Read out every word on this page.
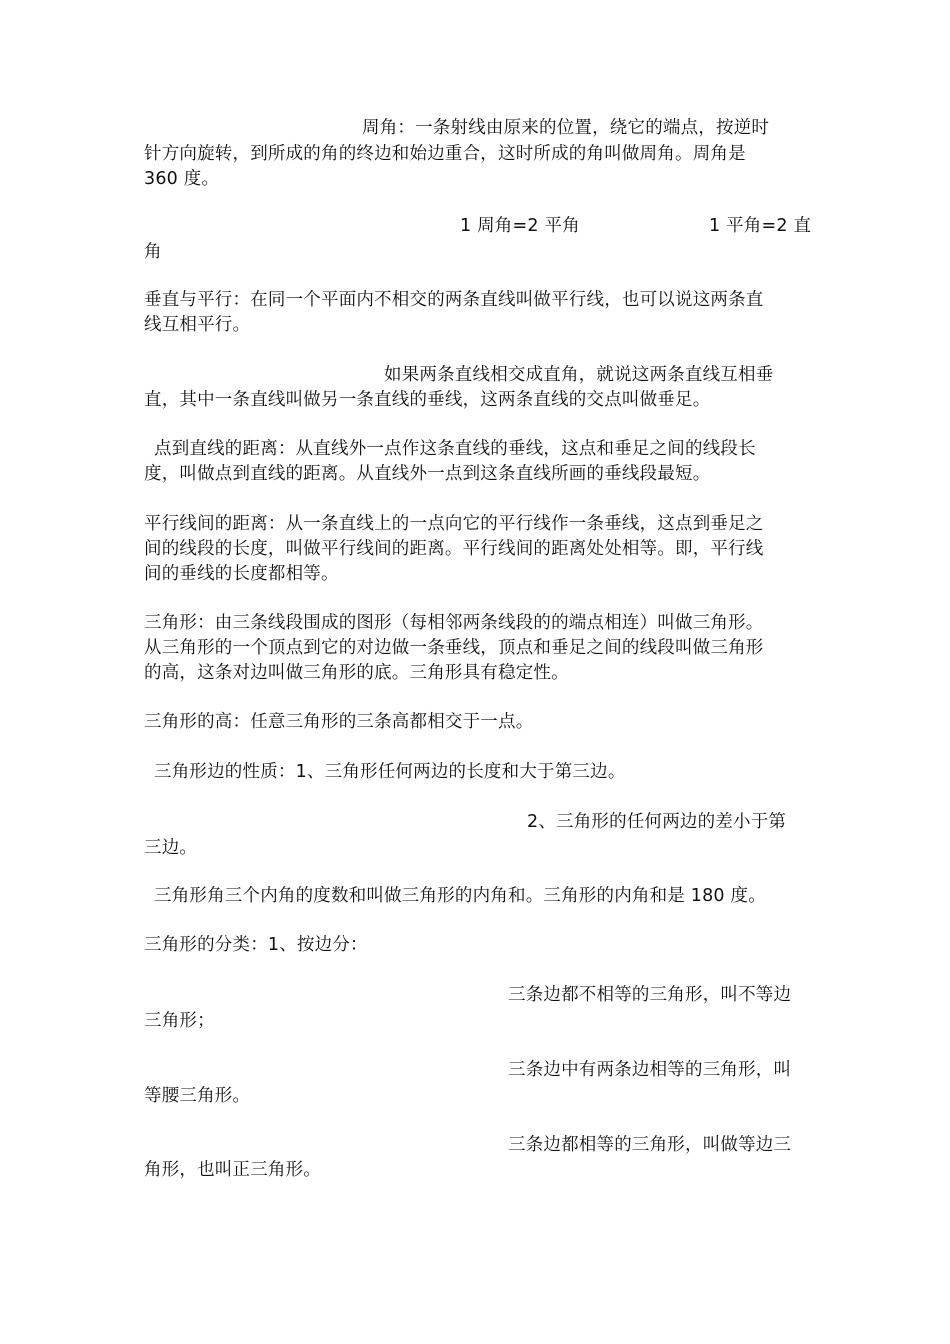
周角：一条射线由原来的位置，绕它的端点，按逆时
针方向旋转，到所成的角的终边和始边重合，这时所成的角叫做周角。周角是
360 度。
1 周角=2 平角	1 平角=2 直
角
垂直与平行：在同一个平面内不相交的两条直线叫做平行线，也可以说这两条直
线互相平行。
如果两条直线相交成直角，就说这两条直线互相垂
直，其中一条直线叫做另一条直线的垂线，这两条直线的交点叫做垂足。
点到直线的距离：从直线外一点作这条直线的垂线，这点和垂足之间的线段长
度，叫做点到直线的距离。从直线外一点到这条直线所画的垂线段最短。
平行线间的距离：从一条直线上的一点向它的平行线作一条垂线，这点到垂足之
间的线段的长度，叫做平行线间的距离。平行线间的距离处处相等。即，平行线
间的垂线的长度都相等。
三角形：由三条线段围成的图形（每相邻两条线段的的端点相连）叫做三角形。
从三角形的一个顶点到它的对边做一条垂线，顶点和垂足之间的线段叫做三角形
的高，这条对边叫做三角形的底。三角形具有稳定性。
三角形的高：任意三角形的三条高都相交于一点。
三角形边的性质：1、三角形任何两边的长度和大于第三边。
2、三角形的任何两边的差小于第
三边。
三角形角三个内角的度数和叫做三角形的内角和。三角形的内角和是 180 度。
三角形的分类：1、按边分：
三条边都不相等的三角形，叫不等边
三角形；
三条边中有两条边相等的三角形，叫
等腰三角形。
三条边都相等的三角形，叫做等边三
角形，也叫正三角形。
